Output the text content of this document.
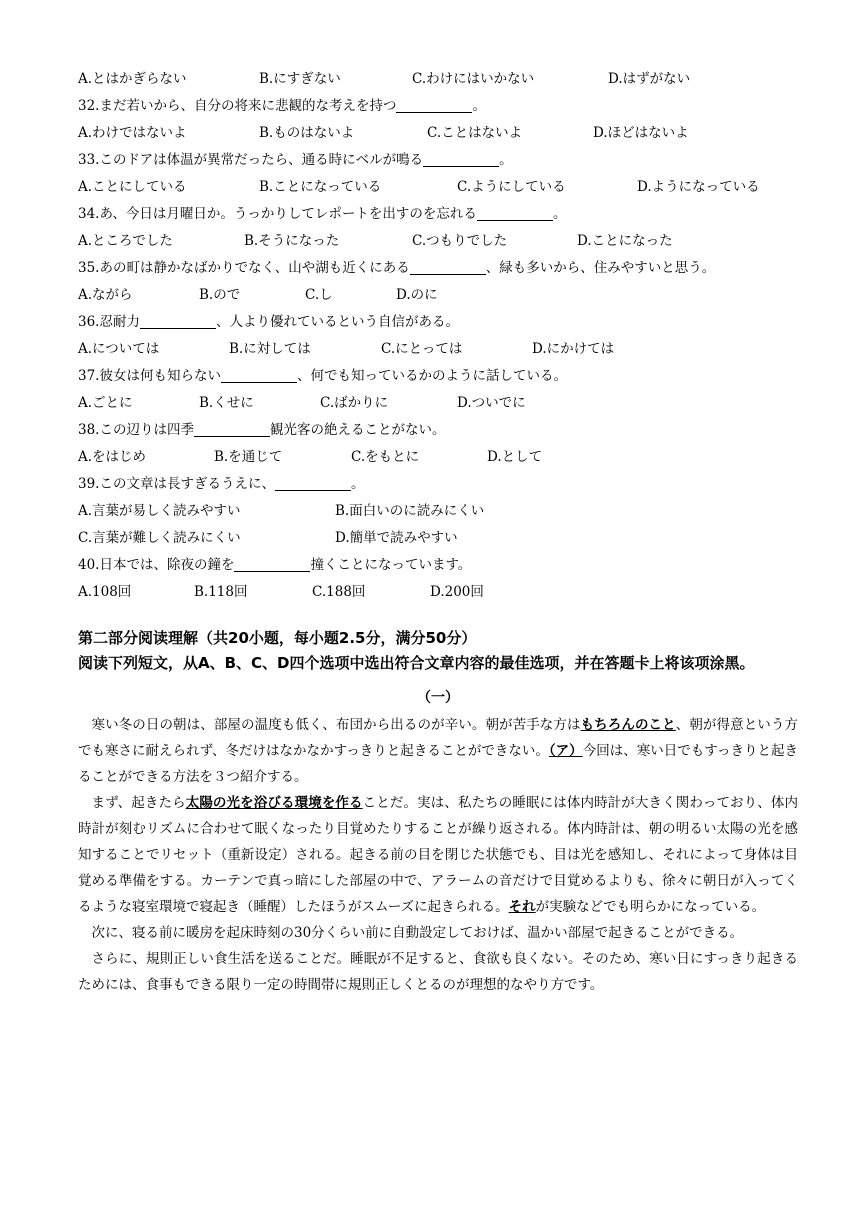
A.とはかぎらない	B.にすぎない	C.わけにはいかない	D.はずがない
32.まだ若いから、自分の将来に悲観的な考えを持つ	。
A.わけではないよ	B.ものはないよ	C.ことはないよ	D.ほどはないよ
33.このドアは体温が異常だったら、通る時にベルが鳴る	。
A.ことにしている	B.ことになっている	C.ようにしている	D.ようになっている
34.あ、今日は月曜日か。うっかりしてレポートを出すのを忘れる	。
A.ところでした	B.そうになった	C.つもりでした	D.ことになった
35.あの町は静かなばかりでなく、山や湖も近くにある	、緑も多いから、住みやすいと思う。
A.ながら	B.ので	C.し	D.のに
36.忍耐力	、人より優れているという自信がある。
A.については	B.に対しては	C.にとっては	D.にかけては
37.彼女は何も知らない	、何でも知っているかのように話している。
A.ごとに	B.くせに	C.ばかりに	D.ついでに
38.この辺りは四季	観光客の絶えることがない。
A.をはじめ	B.を通じて	C.をもとに	D.として
39.この文章は長すぎるうえに、	。
A.言葉が易しく読みやすい	B.面白いのに読みにくい
C.言葉が難しく読みにくい	D.簡単で読みやすい
40.日本では、除夜の鐘を	撞くことになっています。
A.108回	B.118回	C.188回	D.200回
第二部分阅读理解（共20小题，每小题2.5分，满分50分）
阅读下列短文，从A、B、C、D四个选项中选出符合文章内容的最佳选项，并在答题卡上将该项涂黑。
（一）

寒い冬の日の朝は、部屋の温度も低く、布団から出るのが辛い。朝が苦手な方はもちろんのこと、朝が得意という方でも寒さに耐えられず、冬だけはなかなかすっきりと起きることができない。（ア）今回は、寒い日でもすっきりと起きることができる方法を３つ紹介する。

まず、起きたら太陽の光を浴びる環境を作ることだ。実は、私たちの睡眠には体内時計が大きく関わっており、体内時計が刻むリズムに合わせて眠くなったり目覚めたりすることが繰り返される。体内時計は、朝の明るい太陽の光を感知することでリセット（重新设定）される。起きる前の目を閉じた状態でも、目は光を感知し、それによって身体は目覚める準備をする。カーテンで真っ暗にした部屋の中で、アラームの音だけで目覚めるよりも、徐々に朝日が入ってくるような寝室環境で寝起き（睡醒）したほうがスムーズに起きられる。それが実験などでも明らかになっている。

次に、寝る前に暖房を起床時刻の30分くらい前に自動設定しておけば、温かい部屋で起きることができる。

さらに、規則正しい食生活を送ることだ。睡眠が不足すると、食欲も良くない。そのため、寒い日にすっきり起きるためには、食事もできる限り一定の時間帯に規則正しくとるのが理想的なやり方です。
